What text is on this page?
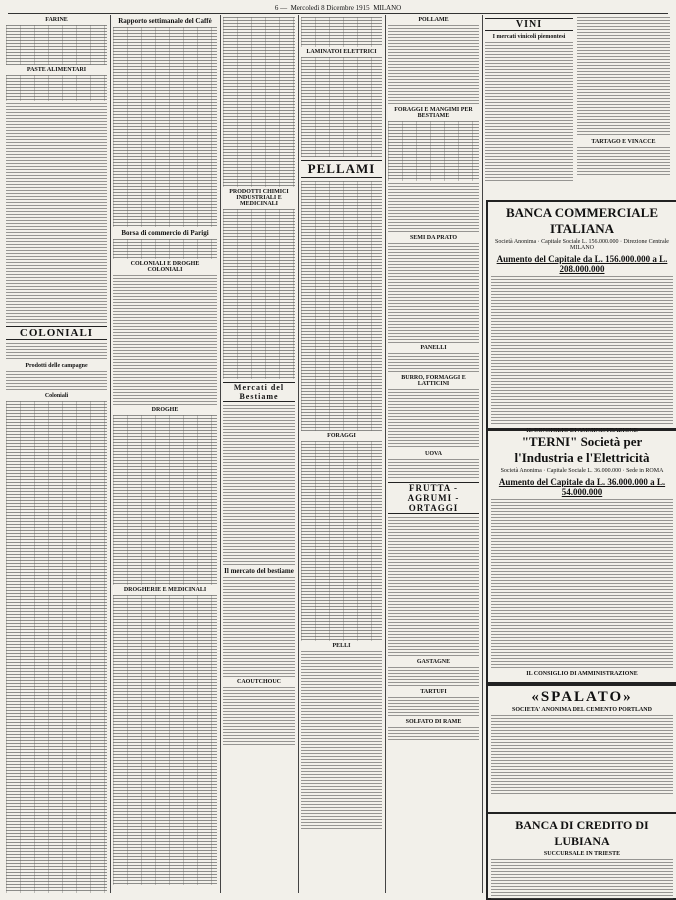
6 —
Mercoledì 8 Dicembre 1915
MILANO
FARINE
PASTE ALIMENTARI
COLONIALI
Prodotti delle campagne
Coloniali
Rapporto settimanale del Caffè
Borsa di commercio di Parigi
COLONIALI E DROGHE COLONIALI
DROGHE
DROGHERIE E MEDICINALI
PRODOTTI CHIMICI INDUSTRIALI E MEDICINALI
Mercati del Bestiame
Il mercato del bestiame
CAOUTCHOUC
LAMINATOI ELETTRICI
PELLAMI
FORAGGI
PELLI
POLLAME
FORAGGI E MANGIMI PER BESTIAME
SEMI DA PRATO
PANELLI
BURRO, FORMAGGI E LATTICINI
UOVA
FRUTTA - AGRUMI - ORTAGGI
GASTAGNE
TARTUFI
SOLFATO DI RAME
VINI
I mercati vinicoli piemontesi
TARTAGO E VINACCE
BANCA COMMERCIALE ITALIANA
Società Anonima · Capitale Sociale L. 156.000.000 · Direzione Centrale MILANO
Aumento del Capitale da L. 156.000.000 a L. 208.000.000
IL CONSIGLIO DI AMMINISTRAZIONE
"TERNI" Società per l'Industria e l'Elettricità
Società Anonima · Capitale Sociale L. 36.000.000 · Sede in ROMA
Aumento del Capitale da L. 36.000.000 a L. 54.000.000
IL CONSIGLIO DI AMMINISTRAZIONE
«SPALATO»
SOCIETA' ANONIMA DEL CEMENTO PORTLAND
BANCA DI CREDITO DI LUBIANA
SUCCURSALE IN TRIESTE
